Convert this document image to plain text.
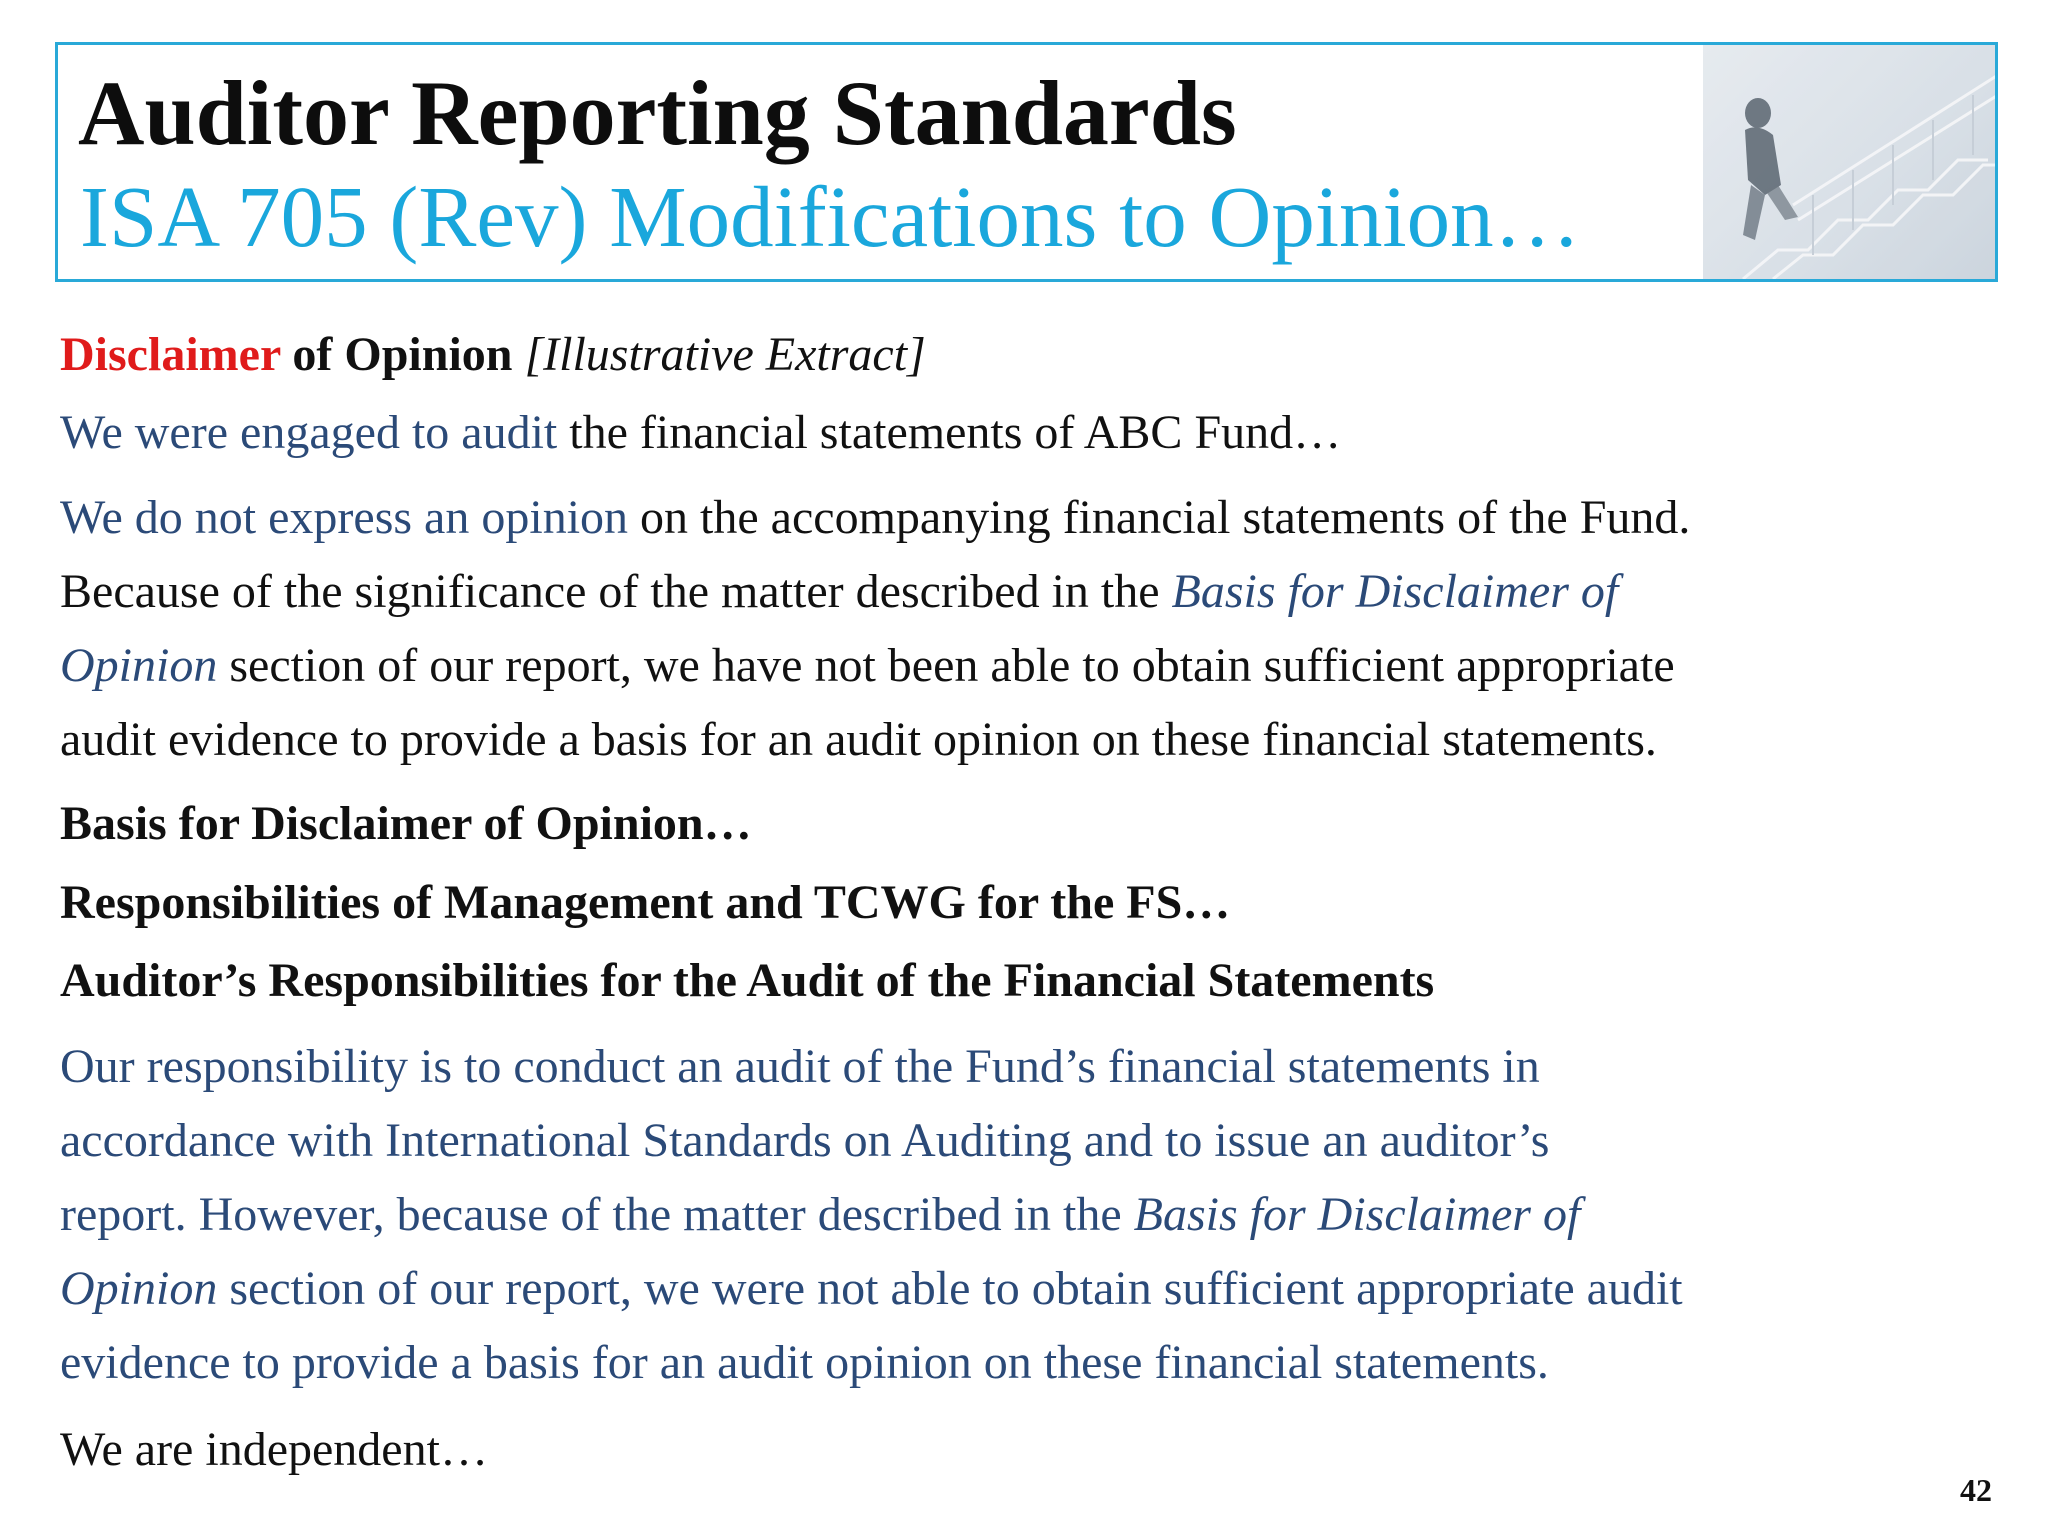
Auditor Reporting Standards
ISA 705 (Rev) Modifications to Opinion…
Disclaimer of Opinion [Illustrative Extract]
We were engaged to audit the financial statements of ABC Fund…
We do not express an opinion on the accompanying financial statements of the Fund.
Because of the significance of the matter described in the Basis for Disclaimer of
Opinion section of our report, we have not been able to obtain sufficient appropriate
audit evidence to provide a basis for an audit opinion on these financial statements.
Basis for Disclaimer of Opinion…
Responsibilities of Management and TCWG for the FS…
Auditor’s Responsibilities for the Audit of the Financial Statements
Our responsibility is to conduct an audit of the Fund’s financial statements in
accordance with International Standards on Auditing and to issue an auditor’s
report. However, because of the matter described in the Basis for Disclaimer of
Opinion section of our report, we were not able to obtain sufficient appropriate audit
evidence to provide a basis for an audit opinion on these financial statements.
We are independent…
42
